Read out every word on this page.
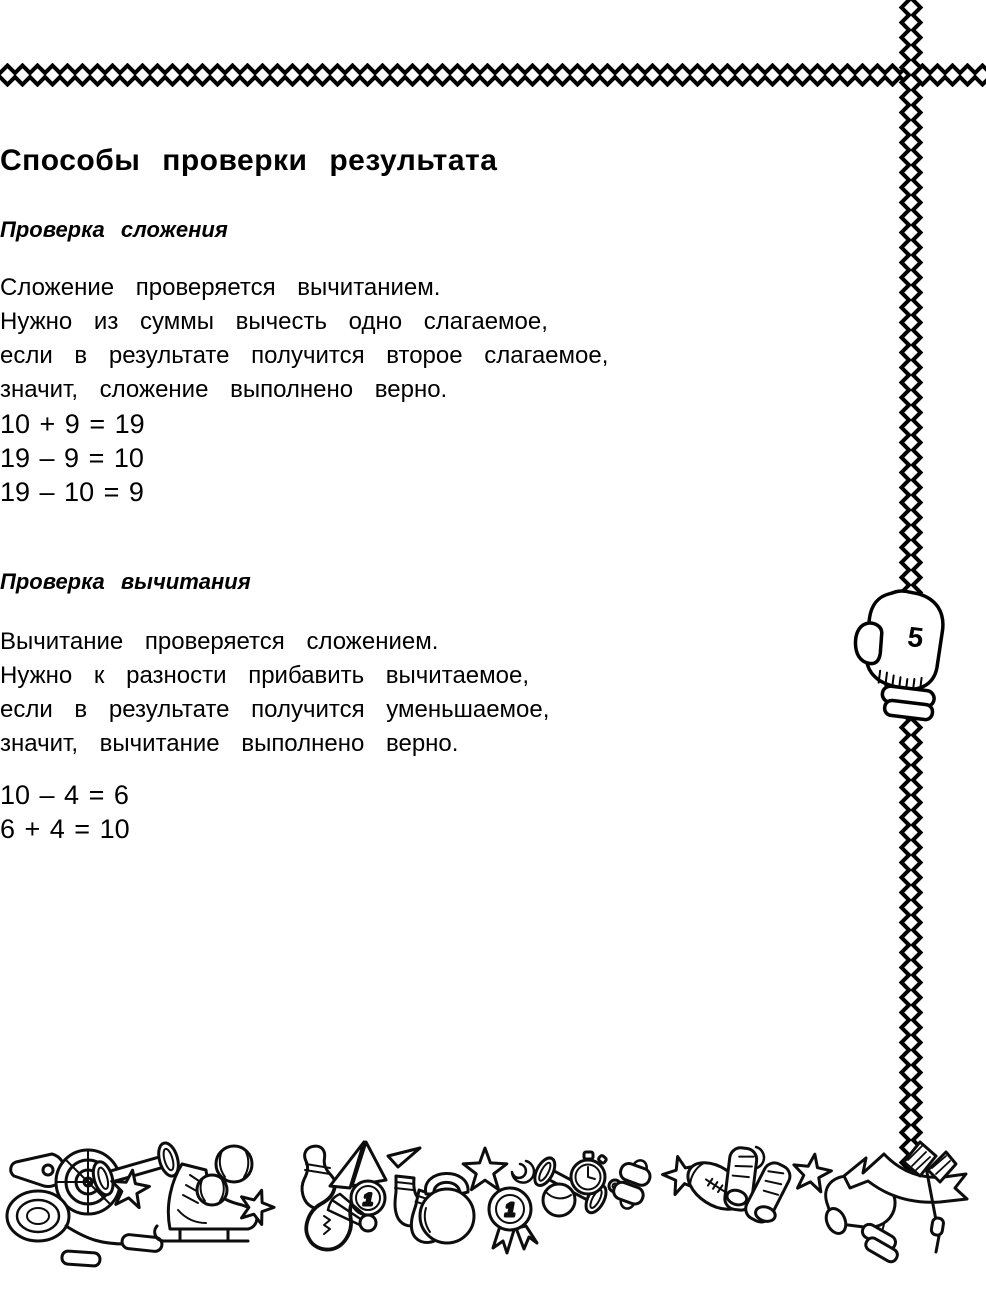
Способы проверки результата
Проверка сложения

Сложение проверяется вычитанием.
Нужно из суммы вычесть одно слагаемое,
если в результате получится второе слагаемое,
значит, сложение выполнено верно.

10 + 9 = 19
19 – 9 = 10
19 – 10 = 9
Проверка вычитания

Вычитание проверяется сложением.
Нужно к разности прибавить вычитаемое,
если в результате получится уменьшаемое,
значит, вычитание выполнено верно.

10 – 4 = 6
6 + 4 = 10
5
1
1
